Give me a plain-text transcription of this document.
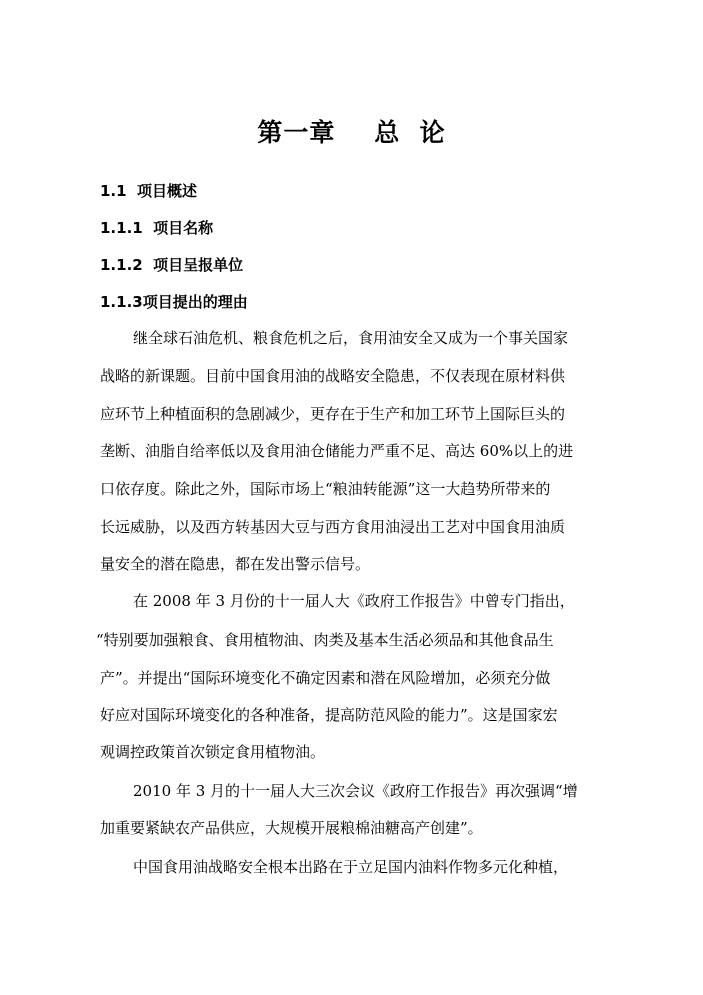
第一章    总  论
1.1  项目概述
1.1.1  项目名称
1.1.2  项目呈报单位
1.1.3项目提出的理由
继全球石油危机、粮食危机之后，食用油安全又成为一个事关国家
战略的新课题。目前中国食用油的战略安全隐患，不仅表现在原材料供
应环节上种植面积的急剧减少，更存在于生产和加工环节上国际巨头的
垄断、油脂自给率低以及食用油仓储能力严重不足、高达 60%以上的进
口依存度。除此之外，国际市场上“粮油转能源”这一大趋势所带来的
长远威胁，以及西方转基因大豆与西方食用油浸出工艺对中国食用油质
量安全的潜在隐患，都在发出警示信号。
在 2008 年 3 月份的十一届人大《政府工作报告》中曾专门指出，
“特别要加强粮食、食用植物油、肉类及基本生活必须品和其他食品生
产”。并提出“国际环境变化不确定因素和潜在风险增加，必须充分做
好应对国际环境变化的各种准备，提高防范风险的能力”。这是国家宏
观调控政策首次锁定食用植物油。
2010 年 3 月的十一届人大三次会议《政府工作报告》再次强调“增
加重要紧缺农产品供应，大规模开展粮棉油糖高产创建”。
中国食用油战略安全根本出路在于立足国内油料作物多元化种植，
